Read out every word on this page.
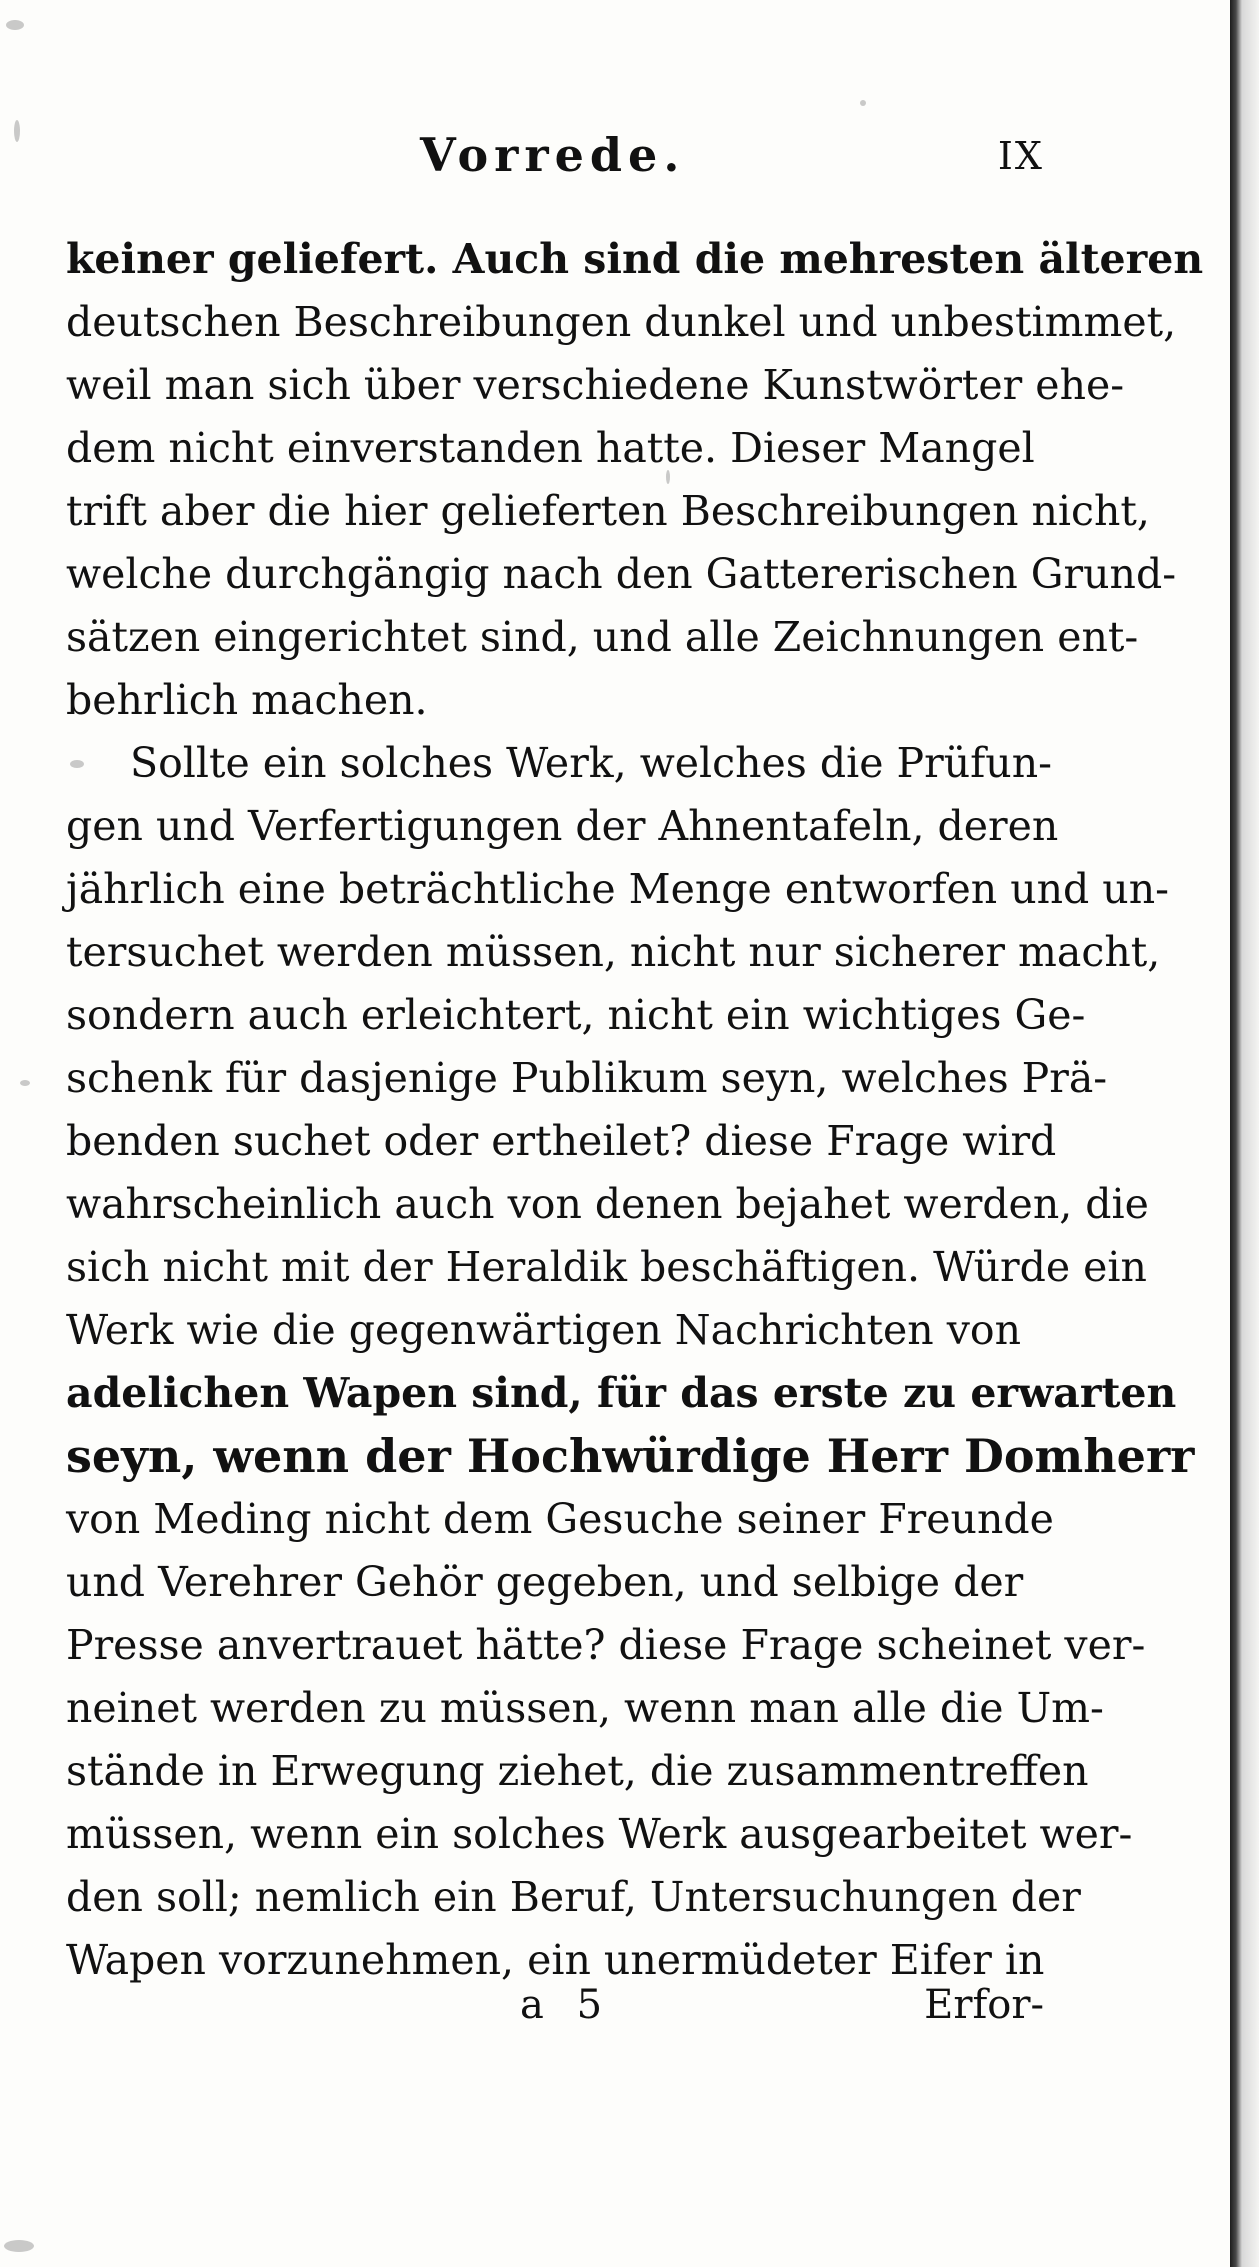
Vorrede.	IX
keiner geliefert. Auch sind die mehresten älteren
deutschen Beschreibungen dunkel und unbestimmet,
weil man sich über verschiedene Kunstwörter ehe-
dem nicht einverstanden hatte. Dieser Mangel
trift aber die hier gelieferten Beschreibungen nicht,
welche durchgängig nach den Gattererischen Grund-
sätzen eingerichtet sind, und alle Zeichnungen ent-
behrlich machen.
Sollte ein solches Werk, welches die Prüfun-
gen und Verfertigungen der Ahnentafeln, deren
jährlich eine beträchtliche Menge entworfen und un-
tersuchet werden müssen, nicht nur sicherer macht,
sondern auch erleichtert, nicht ein wichtiges Ge-
schenk für dasjenige Publikum seyn, welches Prä-
benden suchet oder ertheilet? diese Frage wird
wahrscheinlich auch von denen bejahet werden, die
sich nicht mit der Heraldik beschäftigen. Würde ein
Werk wie die gegenwärtigen Nachrichten von
adelichen Wapen sind, für das erste zu erwarten
seyn, wenn der Hochwürdige Herr Domherr
von Meding nicht dem Gesuche seiner Freunde
und Verehrer Gehör gegeben, und selbige der
Presse anvertrauet hätte? diese Frage scheinet ver-
neinet werden zu müssen, wenn man alle die Um-
stände in Erwegung ziehet, die zusammentreffen
müssen, wenn ein solches Werk ausgearbeitet wer-
den soll; nemlich ein Beruf, Untersuchungen der
Wapen vorzunehmen, ein unermüdeter Eifer in
a 5	Erfor-
